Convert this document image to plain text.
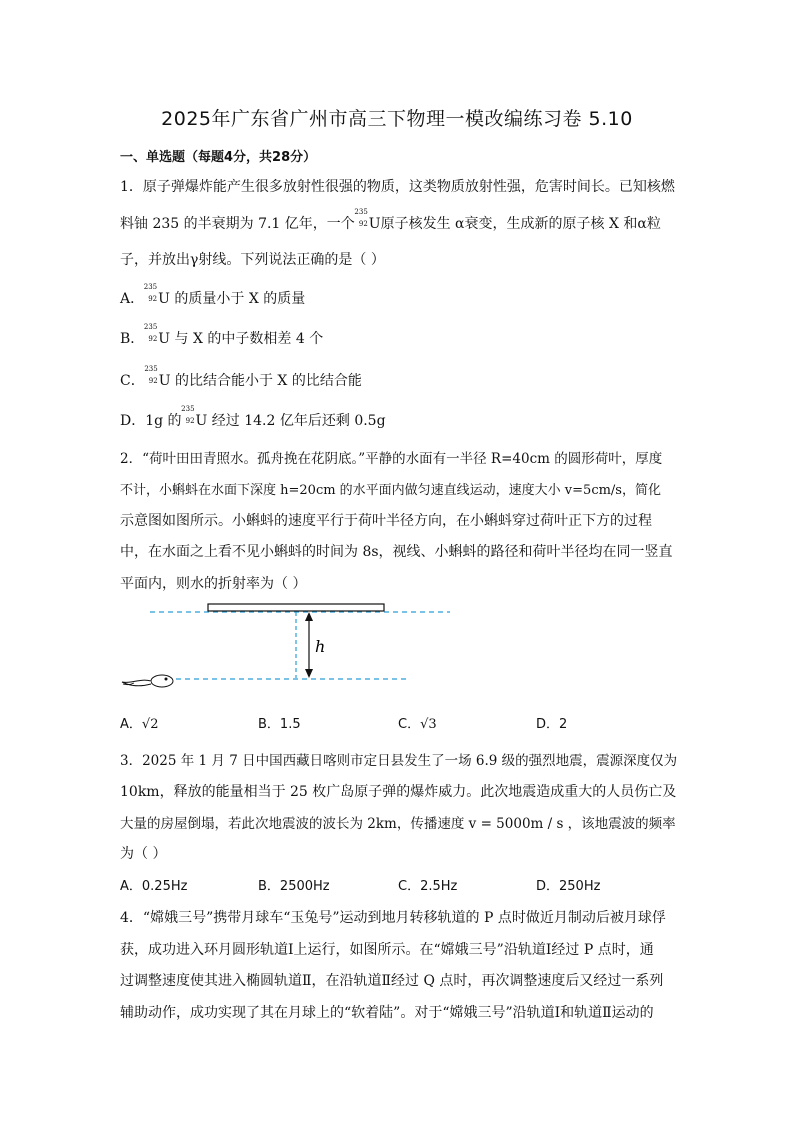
2025年广东省广州市高三下物理一模改编练习卷 5.10
一、单选题（每题4分，共28分）
1．原子弹爆炸能产生很多放射性很强的物质，这类物质放射性强，危害时间长。已知核燃
料铀 235 的半衰期为 7.1 亿年，一个
235
92 U原子核发生 α衰变，生成新的原子核 X 和α粒
子，并放出γ射线。下列说法正确的是（ ）
A．
235
92 U 的质量小于 X 的质量
B．
235
92 U 与 X 的中子数相差 4 个
C．
235
92 U 的比结合能小于 X 的比结合能
D．1g 的
235
92 U 经过 14.2 亿年后还剩 0.5g
2．“荷叶田田青照水。孤舟挽在花阴底。”平静的水面有一半径 R=40cm 的圆形荷叶，厚度
不计，小蝌蚪在水面下深度 h=20cm 的水平面内做匀速直线运动，速度大小 v=5cm/s，简化
示意图如图所示。小蝌蚪的速度平行于荷叶半径方向，在小蝌蚪穿过荷叶正下方的过程
中，在水面之上看不见小蝌蚪的时间为 8s，视线、小蝌蚪的路径和荷叶半径均在同一竖直
平面内，则水的折射率为（ ）
h
A．√2	B．1.5	C．√3	D．2
3．2025 年 1 月 7 日中国西藏日喀则市定日县发生了一场 6.9 级的强烈地震，震源深度仅为
10km，释放的能量相当于 25 枚广岛原子弹的爆炸威力。此次地震造成重大的人员伤亡及
大量的房屋倒塌，若此次地震波的波长为 2km，传播速度 v = 5000m / s ，该地震波的频率
为（ ）
A．0.25Hz	B．2500Hz	C．2.5Hz	D．250Hz
4．“嫦娥三号”携带月球车“玉兔号”运动到地月转移轨道的 P 点时做近月制动后被月球俘
获，成功进入环月圆形轨道Ⅰ上运行，如图所示。在“嫦娥三号”沿轨道Ⅰ经过 P 点时，通
过调整速度使其进入椭圆轨道Ⅱ，在沿轨道Ⅱ经过 Q 点时，再次调整速度后又经过一系列
辅助动作，成功实现了其在月球上的“软着陆”。对于“嫦娥三号”沿轨道Ⅰ和轨道Ⅱ运动的
